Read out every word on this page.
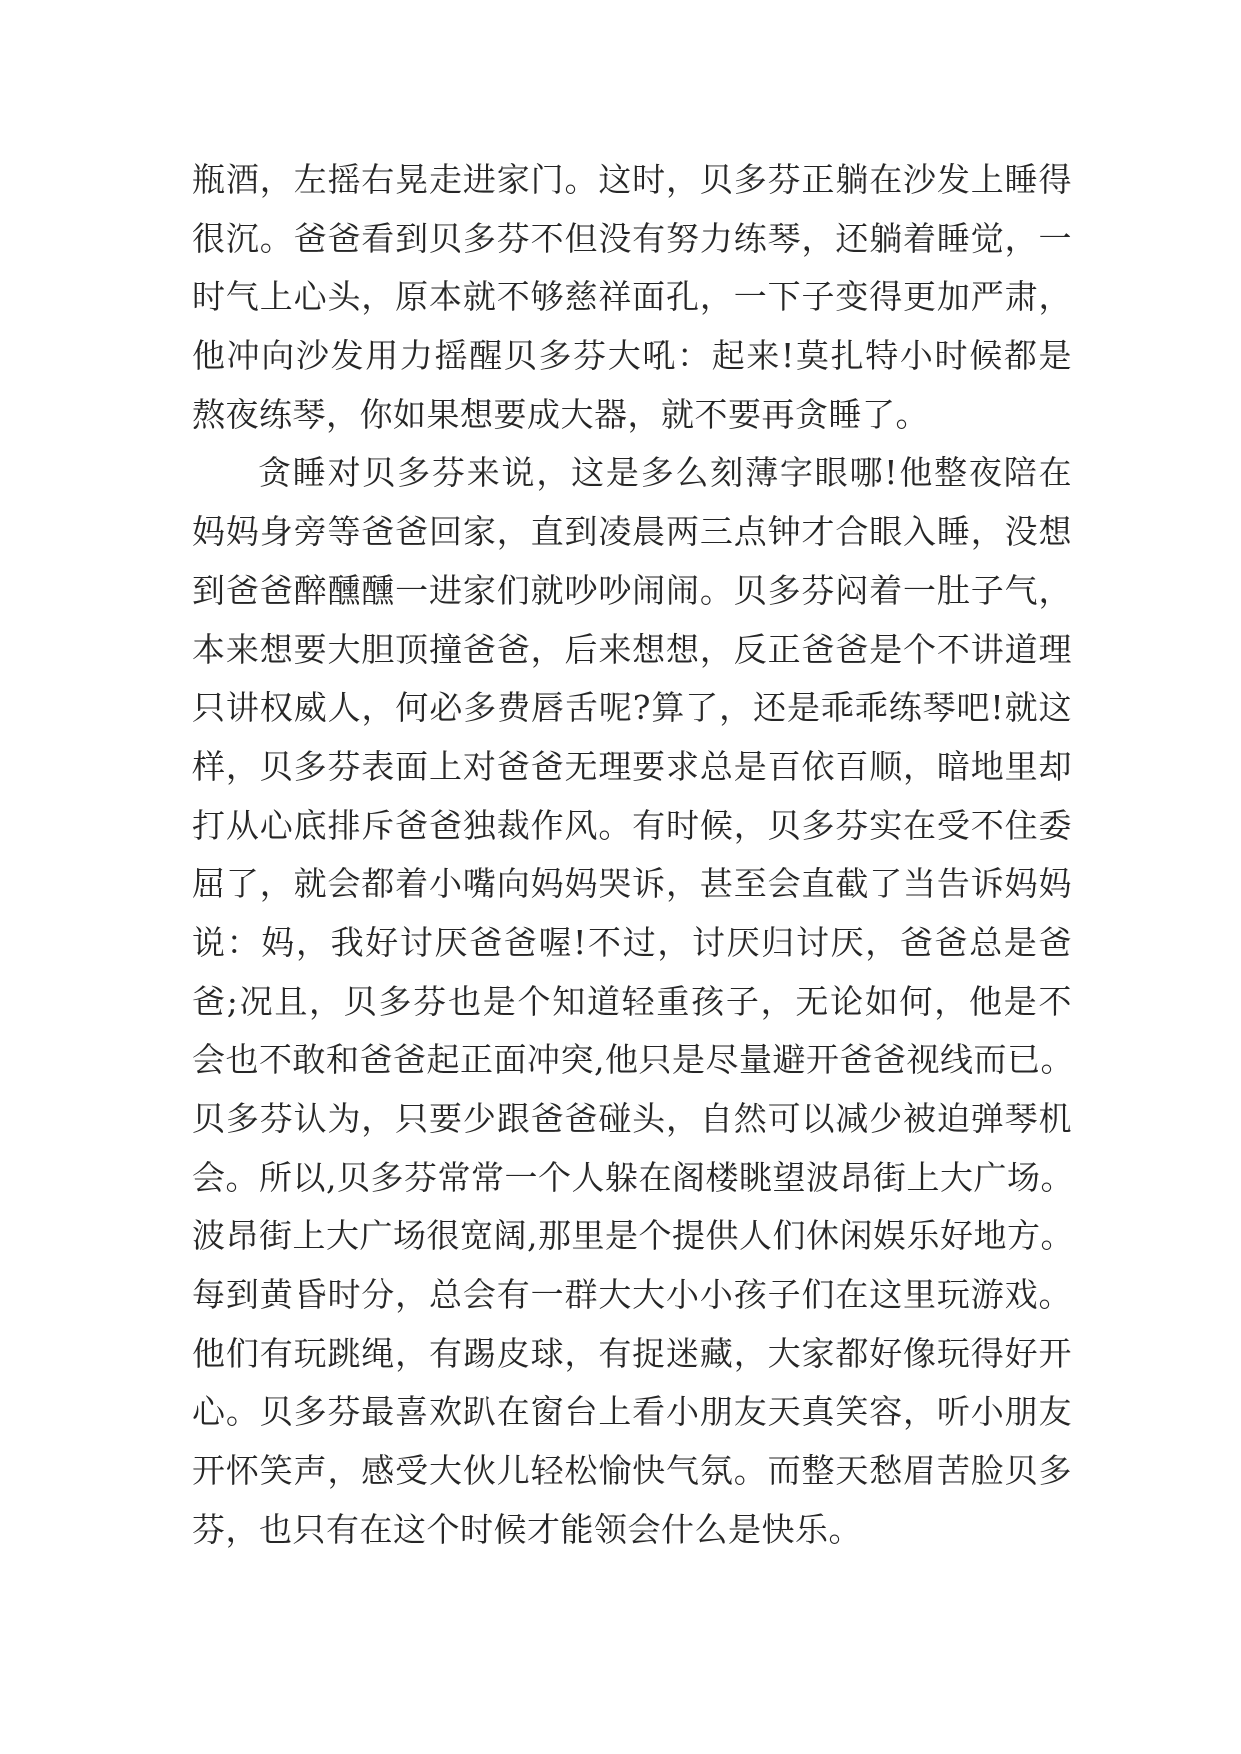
瓶酒，左摇右晃走进家门。这时，贝多芬正躺在沙发上睡得
很沉。爸爸看到贝多芬不但没有努力练琴，还躺着睡觉，一
时气上心头，原本就不够慈祥面孔，一下子变得更加严肃，
他冲向沙发用力摇醒贝多芬大吼：起来!莫扎特小时候都是
熬夜练琴，你如果想要成大器，就不要再贪睡了。
贪睡对贝多芬来说，这是多么刻薄字眼哪!他整夜陪在
妈妈身旁等爸爸回家，直到凌晨两三点钟才合眼入睡，没想
到爸爸醉醺醺一进家们就吵吵闹闹。贝多芬闷着一肚子气，
本来想要大胆顶撞爸爸，后来想想，反正爸爸是个不讲道理
只讲权威人，何必多费唇舌呢?算了，还是乖乖练琴吧!就这
样，贝多芬表面上对爸爸无理要求总是百依百顺，暗地里却
打从心底排斥爸爸独裁作风。有时候，贝多芬实在受不住委
屈了，就会都着小嘴向妈妈哭诉，甚至会直截了当告诉妈妈
说：妈，我好讨厌爸爸喔!不过，讨厌归讨厌，爸爸总是爸
爸;况且，贝多芬也是个知道轻重孩子，无论如何，他是不
会也不敢和爸爸起正面冲突,他只是尽量避开爸爸视线而已。
贝多芬认为，只要少跟爸爸碰头，自然可以减少被迫弹琴机
会。所以,贝多芬常常一个人躲在阁楼眺望波昂街上大广场。
波昂街上大广场很宽阔,那里是个提供人们休闲娱乐好地方。
每到黄昏时分，总会有一群大大小小孩子们在这里玩游戏。
他们有玩跳绳，有踢皮球，有捉迷藏，大家都好像玩得好开
心。贝多芬最喜欢趴在窗台上看小朋友天真笑容，听小朋友
开怀笑声，感受大伙儿轻松愉快气氛。而整天愁眉苦脸贝多
芬，也只有在这个时候才能领会什么是快乐。
